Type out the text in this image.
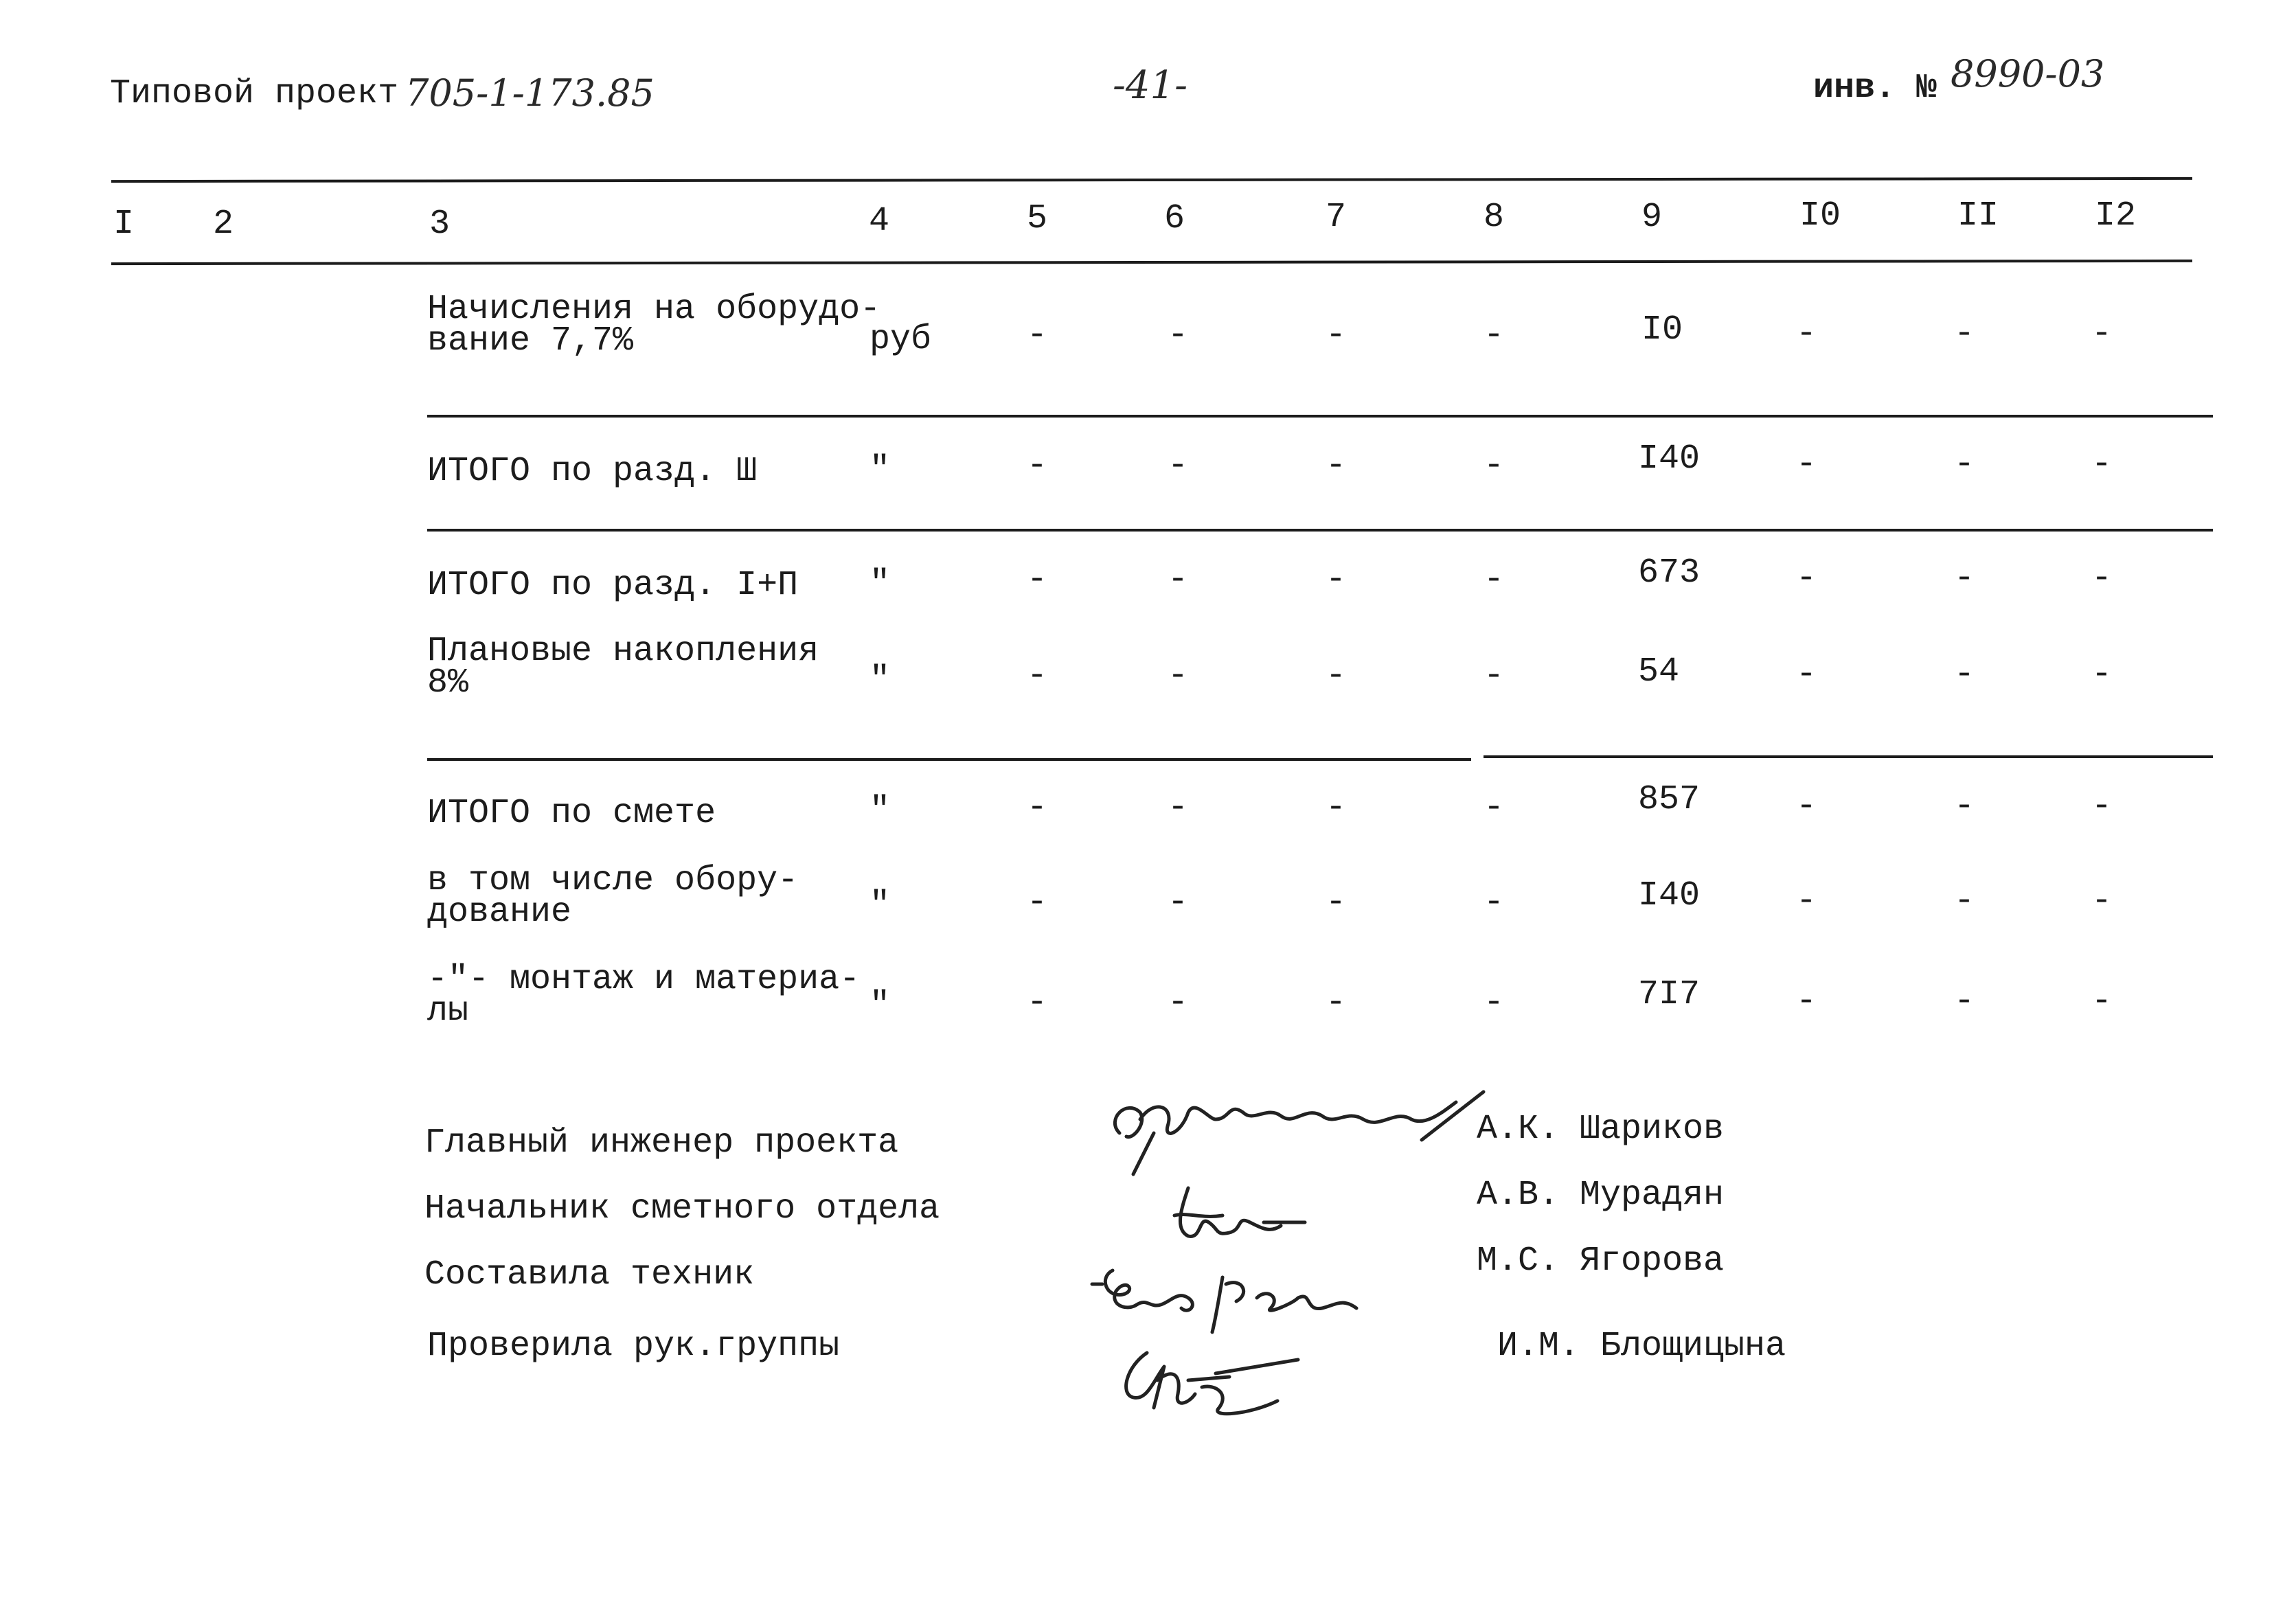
Типовой проект 705-1-173.85	-41-	инв. № 8990-03
I 2	3	4	5	6	7	8	9	I0	II	I2
Начисления на оборудо-
вание 7,7%	руб	-	-	-	-	I0	-	-	-
ИТОГО по разд. Ш	"	-	-	-	-	I40	-	-	-
ИТОГО по разд. I+П "	-	-	-	-	673	-	-	-
Плановые накопления
8%	"	-	-	-	-	54	-	-	-
ИТОГО по смете	"	-	-	-	-	857	-	-	-
в том числе обору-
дование	"	-	-	-	-	I40	-	-	-
-"- монтаж и материа-
лы	"	-	-	-	-	7I7	-	-	-
Главный инженер проекта
Начальник сметного отдела
Составила техник
Проверила рук.группы
А.К. Шариков
А.В. Мурадян
М.С. Ягорова
И.М. Блощицына
